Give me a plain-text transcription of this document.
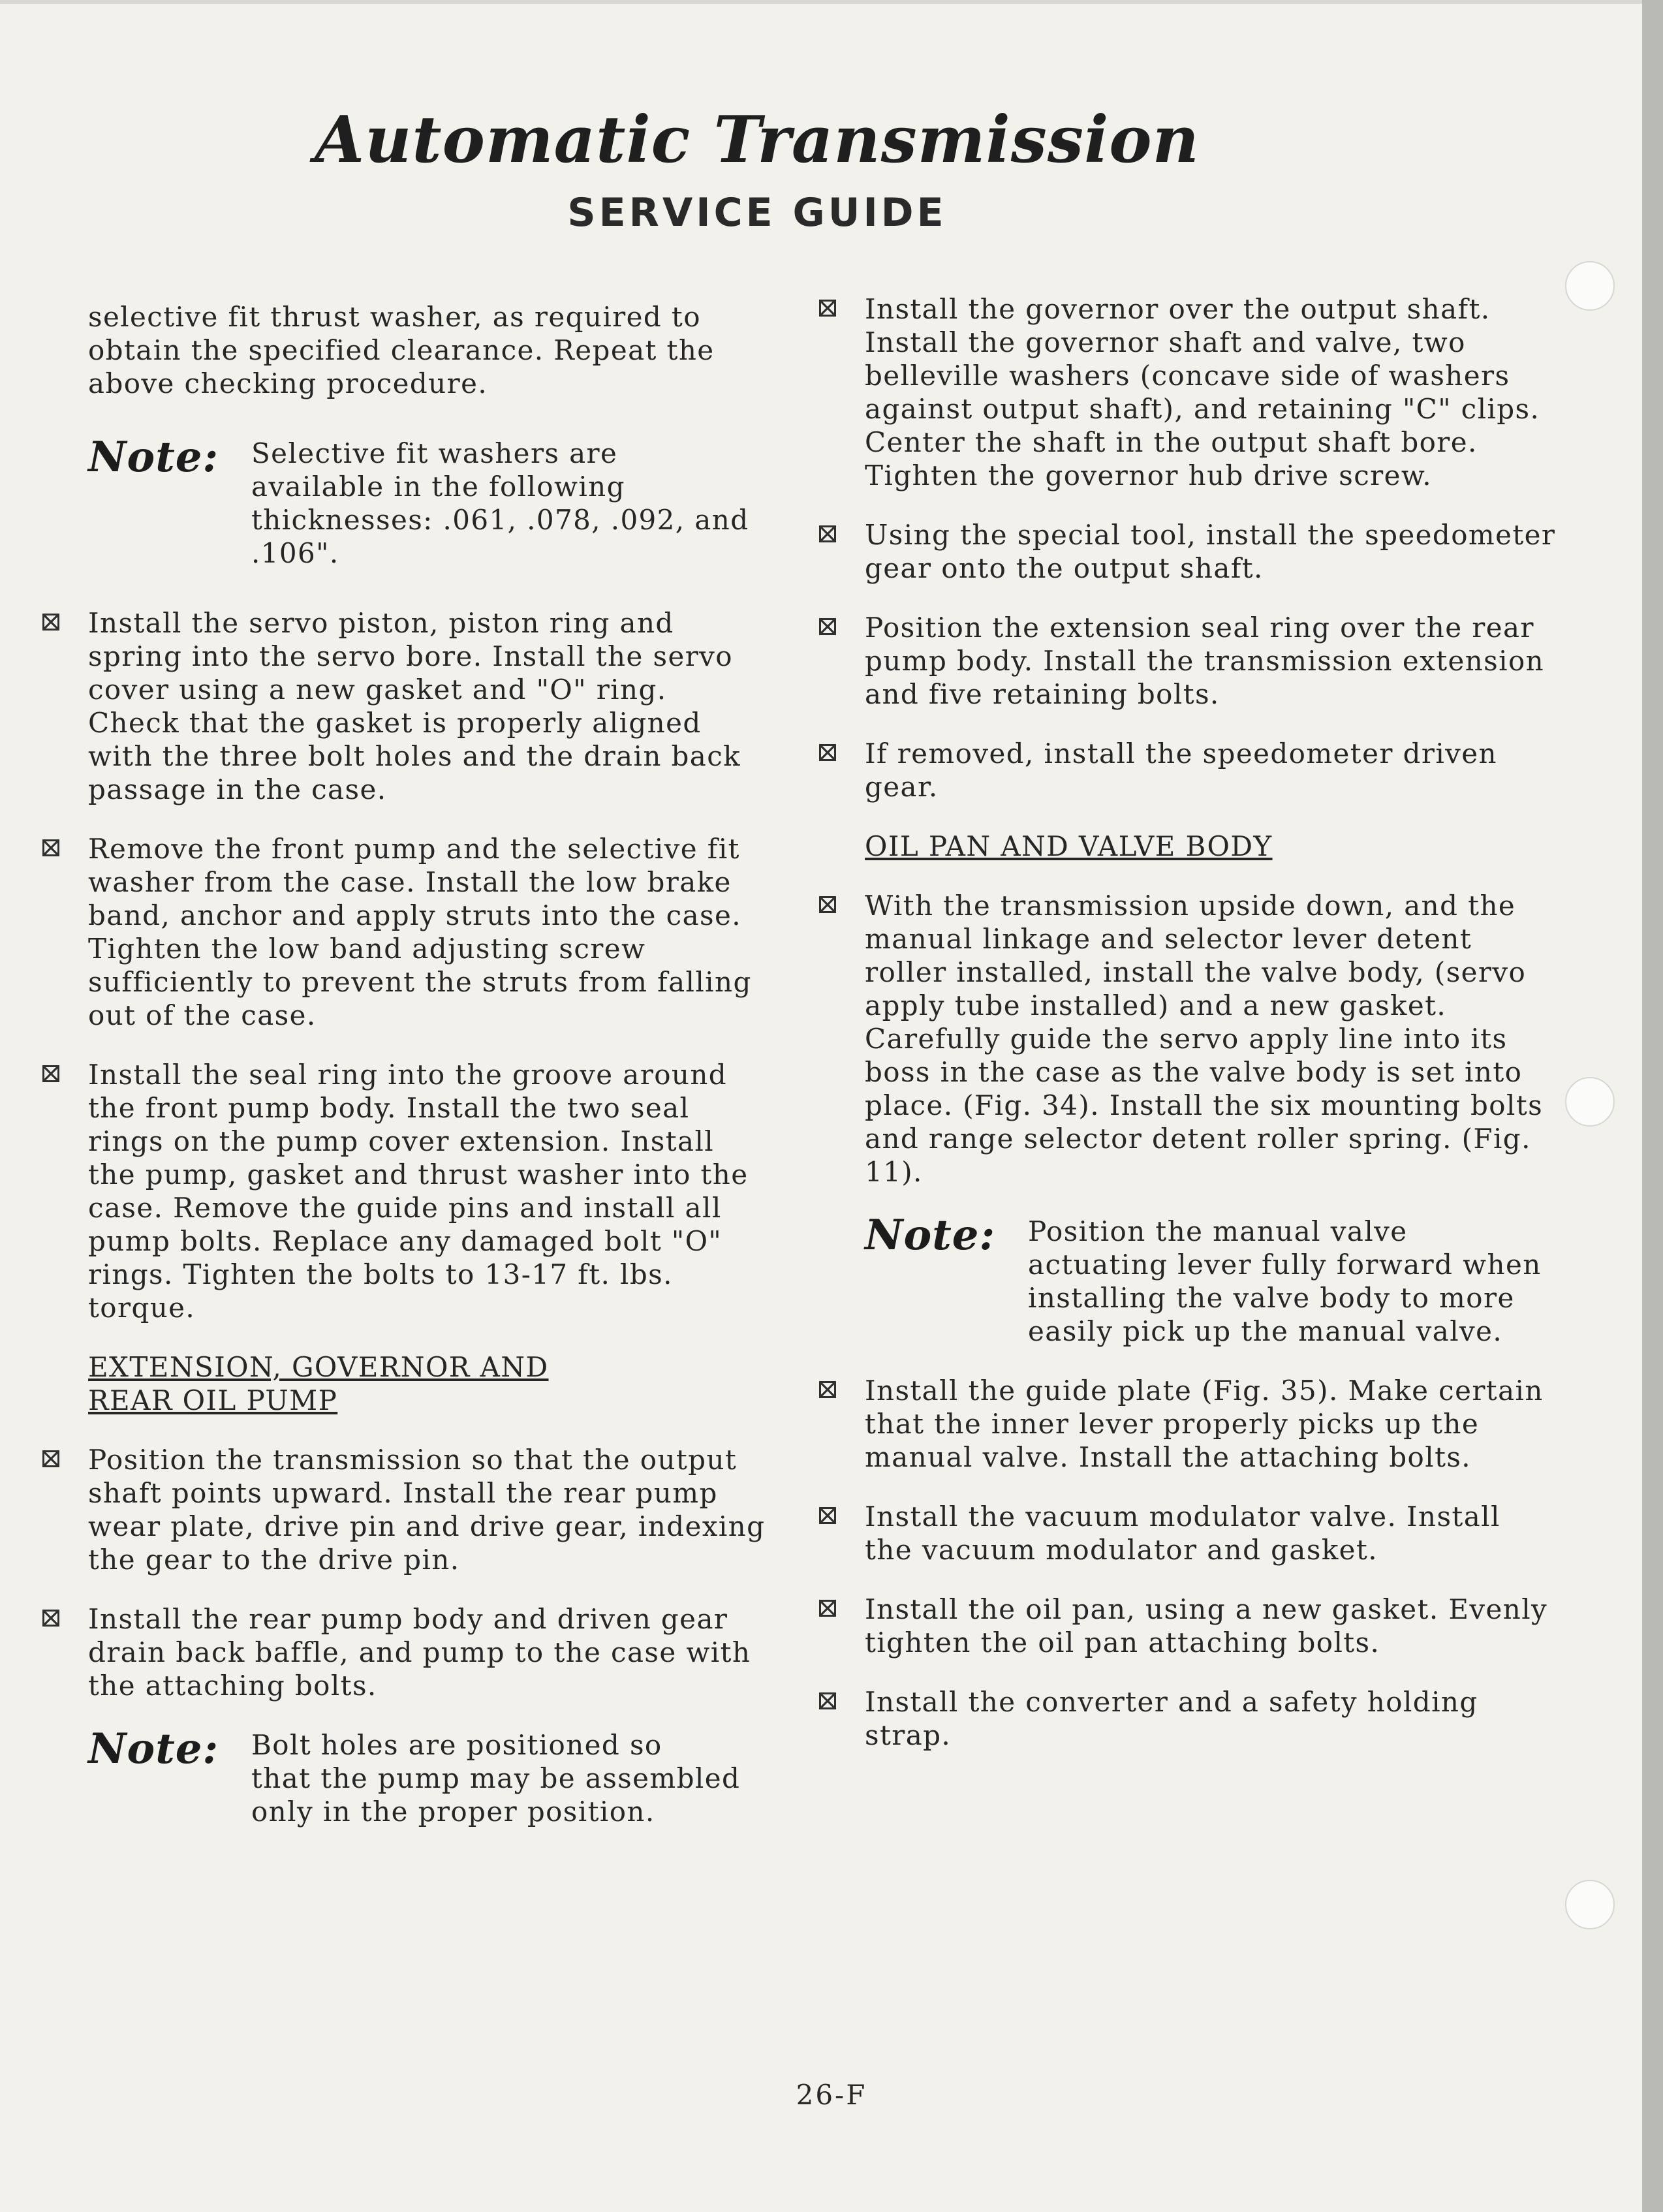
Automatic Transmission
SERVICE GUIDE

selective fit thrust washer, as required to obtain the specified clearance. Repeat the above checking procedure.

Note:	Selective fit washers are
available in the following thicknesses: .061, .078, .092, and .106".
Install the servo piston, piston ring and spring into the servo bore. Install the servo cover using a new gasket and "O" ring. Check that the gasket is properly aligned with the three bolt holes and the drain back passage in the case.
Remove the front pump and the selective fit washer from the case. Install the low brake band, anchor and apply struts into the case. Tighten the low band adjusting screw sufficiently to prevent the struts from falling out of the case.
Install the seal ring into the groove around the front pump body. Install the two seal rings on the pump cover extension. Install the pump, gasket and thrust washer into the case. Remove the guide pins and install all pump bolts. Replace any damaged bolt "O" rings. Tighten the bolts to 13-17 ft. lbs. torque.

EXTENSION, GOVERNOR AND REAR OIL PUMP

Position the transmission so that the output shaft points upward. Install the rear pump wear plate, drive pin and drive gear, indexing the gear to the drive pin.
Install the rear pump body and driven gear drain back baffle, and pump to the case with the attaching bolts.
Note:	Bolt holes are positioned so
that the pump may be assembled only in the proper position.
Install the governor over the output shaft. Install the governor shaft and valve, two belleville washers (concave side of washers against output shaft), and retaining "C" clips. Center the shaft in the output shaft bore. Tighten the governor hub drive screw.
Using the special tool, install the speedometer gear onto the output shaft.
Position the extension seal ring over the rear pump body. Install the transmission extension and five retaining bolts.
If removed, install the speedometer driven gear.

OIL PAN AND VALVE BODY

With the transmission upside down, and the manual linkage and selector lever detent roller installed, install the valve body, (servo apply tube installed) and a new gasket. Carefully guide the servo apply line into its boss in the case as the valve body is set into place. (Fig. 34). Install the six mounting bolts and range selector detent roller spring. (Fig. 11).
Note:	Position the manual valve
actuating lever fully forward when installing the valve body to more easily pick up the manual valve.
Install the guide plate (Fig. 35). Make certain that the inner lever properly picks up the manual valve. Install the attaching bolts.
Install the vacuum modulator valve. Install the vacuum modulator and gasket.
Install the oil pan, using a new gasket. Evenly tighten the oil pan attaching bolts.
Install the converter and a safety holding strap.
26-F
